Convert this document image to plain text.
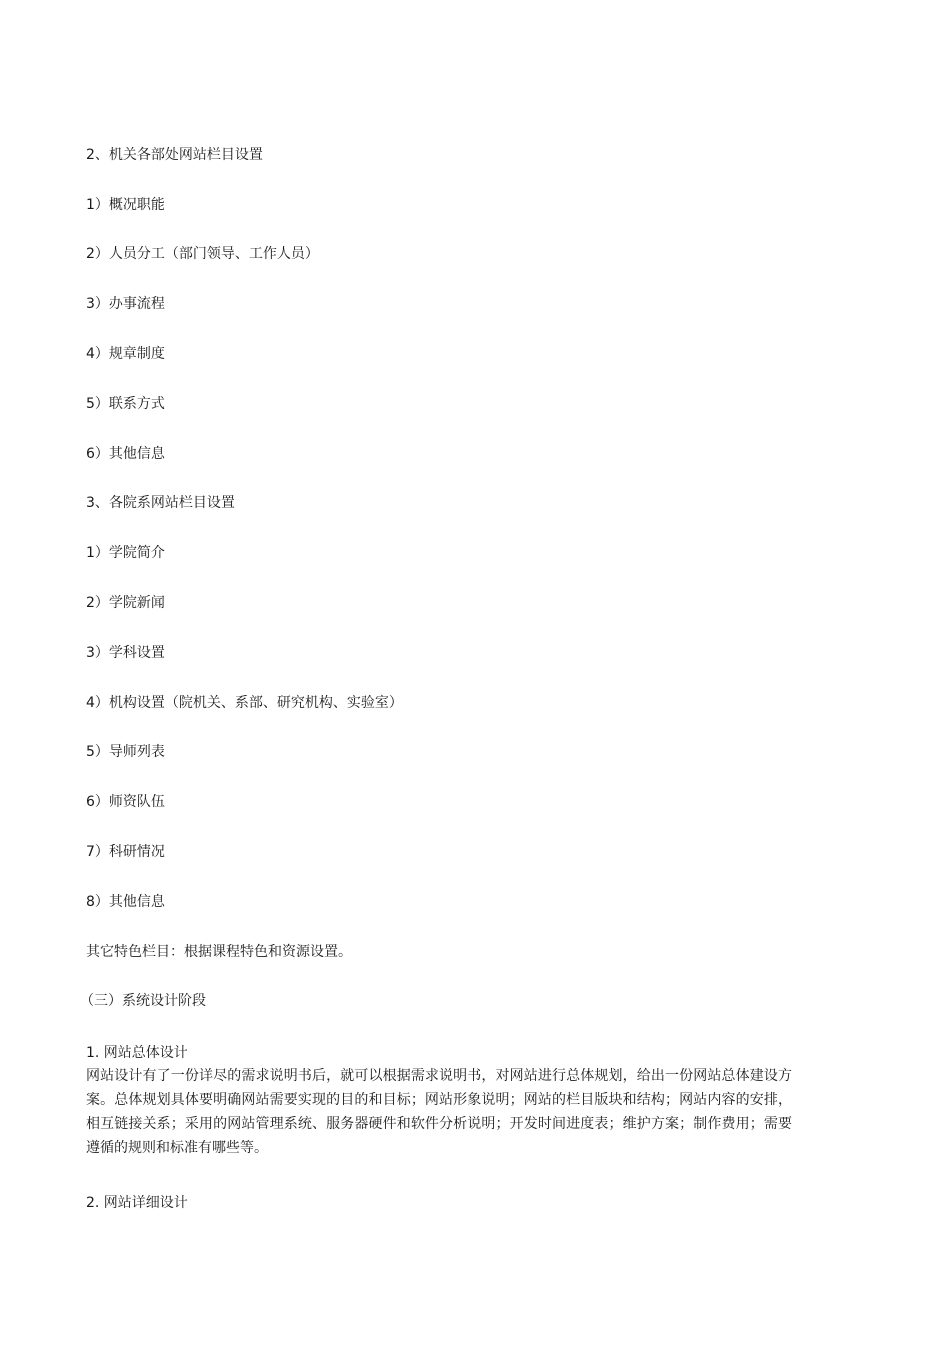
2、机关各部处网站栏目设置
1）概况职能
2）人员分工（部门领导、工作人员）
3）办事流程
4）规章制度
5）联系方式
6）其他信息
3、各院系网站栏目设置
1）学院简介
2）学院新闻
3）学科设置
4）机构设置（院机关、系部、研究机构、实验室）
5）导师列表
6）师资队伍
7）科研情况
8）其他信息
其它特色栏目：根据课程特色和资源设置。
（三）系统设计阶段
1. 网站总体设计
网站设计有了一份详尽的需求说明书后，就可以根据需求说明书，对网站进行总体规划，给出一份网站总体建设方案。总体规划具体要明确网站需要实现的目的和目标；网站形象说明；网站的栏目版块和结构；网站内容的安排，相互链接关系；采用的网站管理系统、服务器硬件和软件分析说明；开发时间进度表；维护方案；制作费用；需要遵循的规则和标准有哪些等。
2. 网站详细设计
